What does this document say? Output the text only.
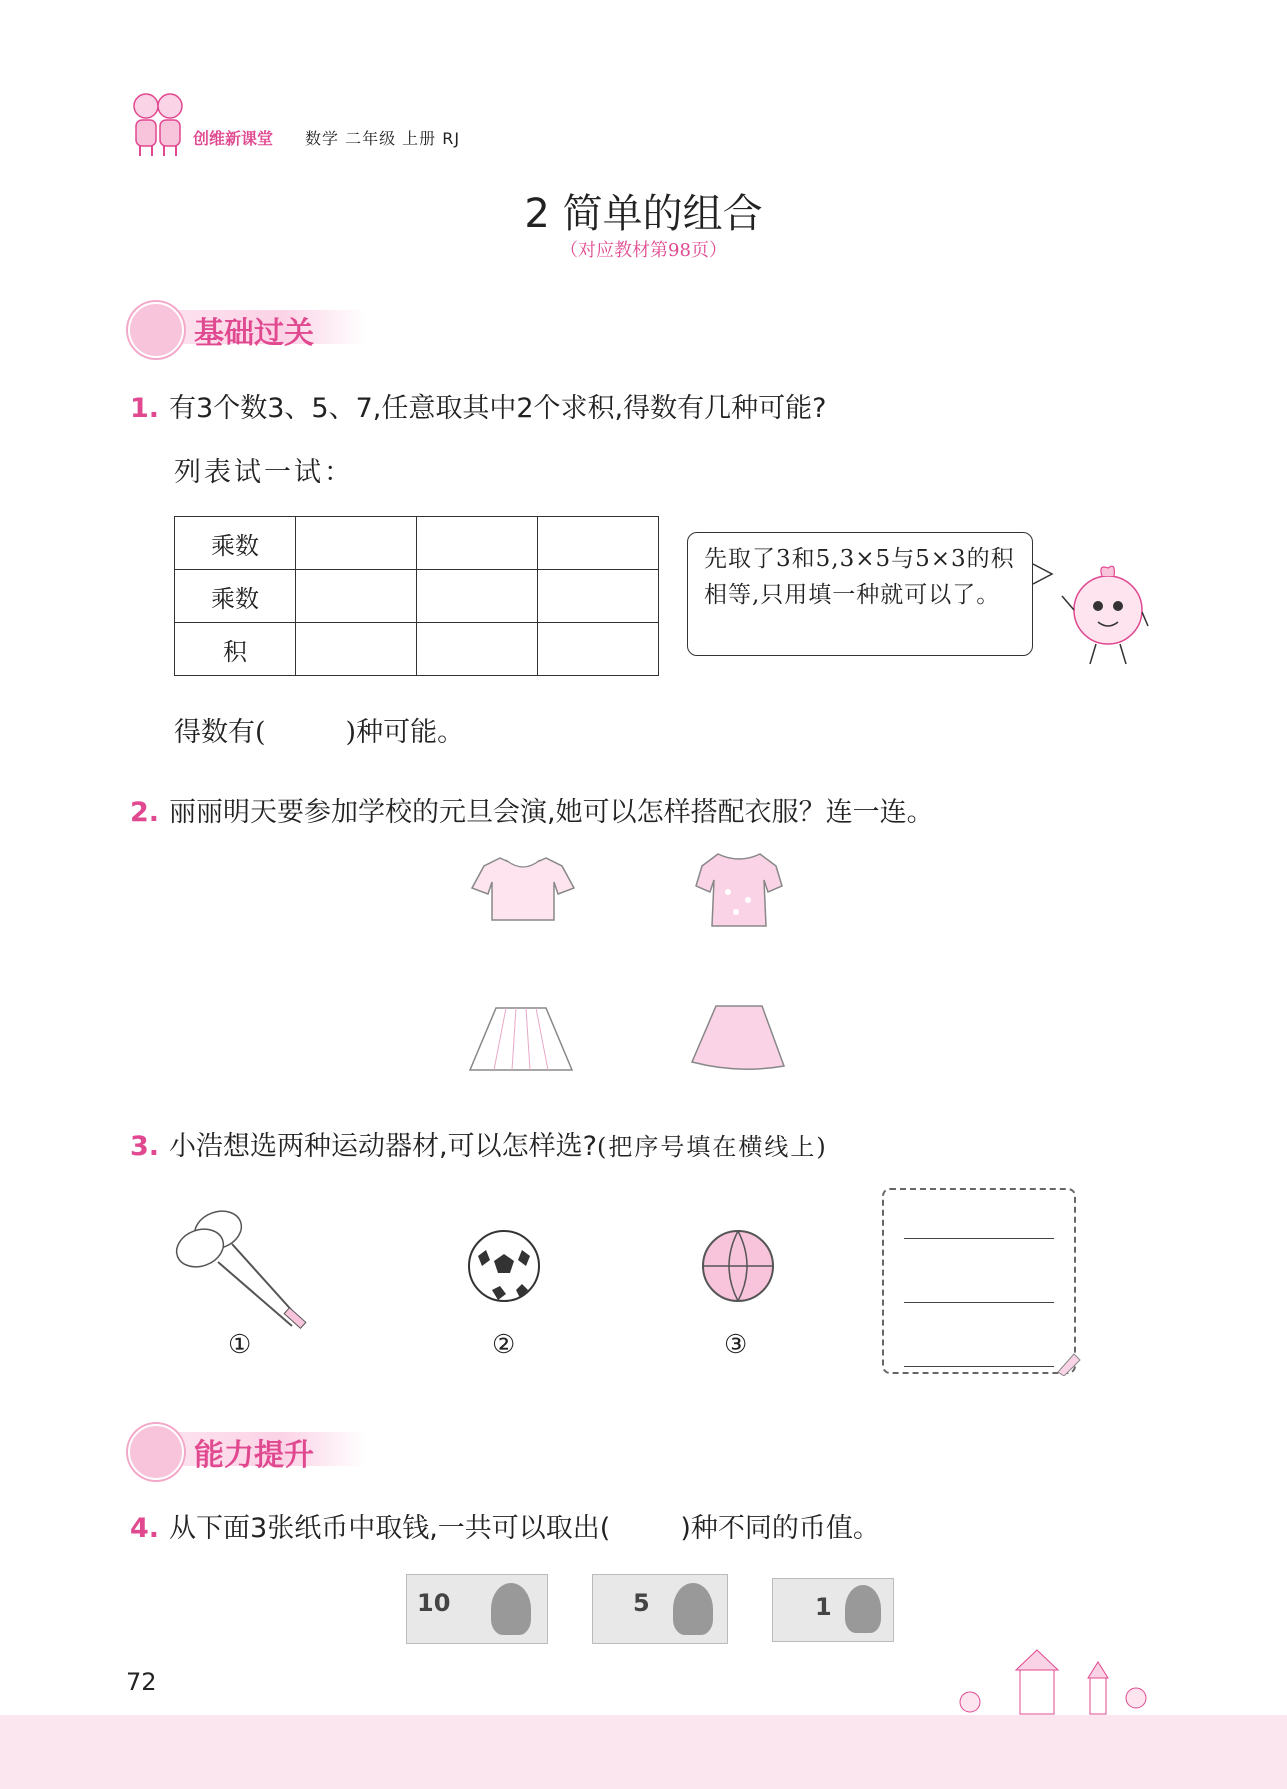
创维新课堂 数学 二年级 上册 RJ
2 简单的组合
（对应教材第98页）
基础过关
1. 有3个数3、5、7,任意取其中2个求积,得数有几种可能?
列表试一试：
乘数			
乘数			
积			
先取了3和5,3×5与5×3的积相等,只用填一种就可以了。
得数有(	)种可能。
2. 丽丽明天要参加学校的元旦会演,她可以怎样搭配衣服？连一连。
3. 小浩想选两种运动器材,可以怎样选?(把序号填在横线上)
①	②	③
能力提升
4. 从下面3张纸币中取钱,一共可以取出(	)种不同的币值。
10	5	1
72
